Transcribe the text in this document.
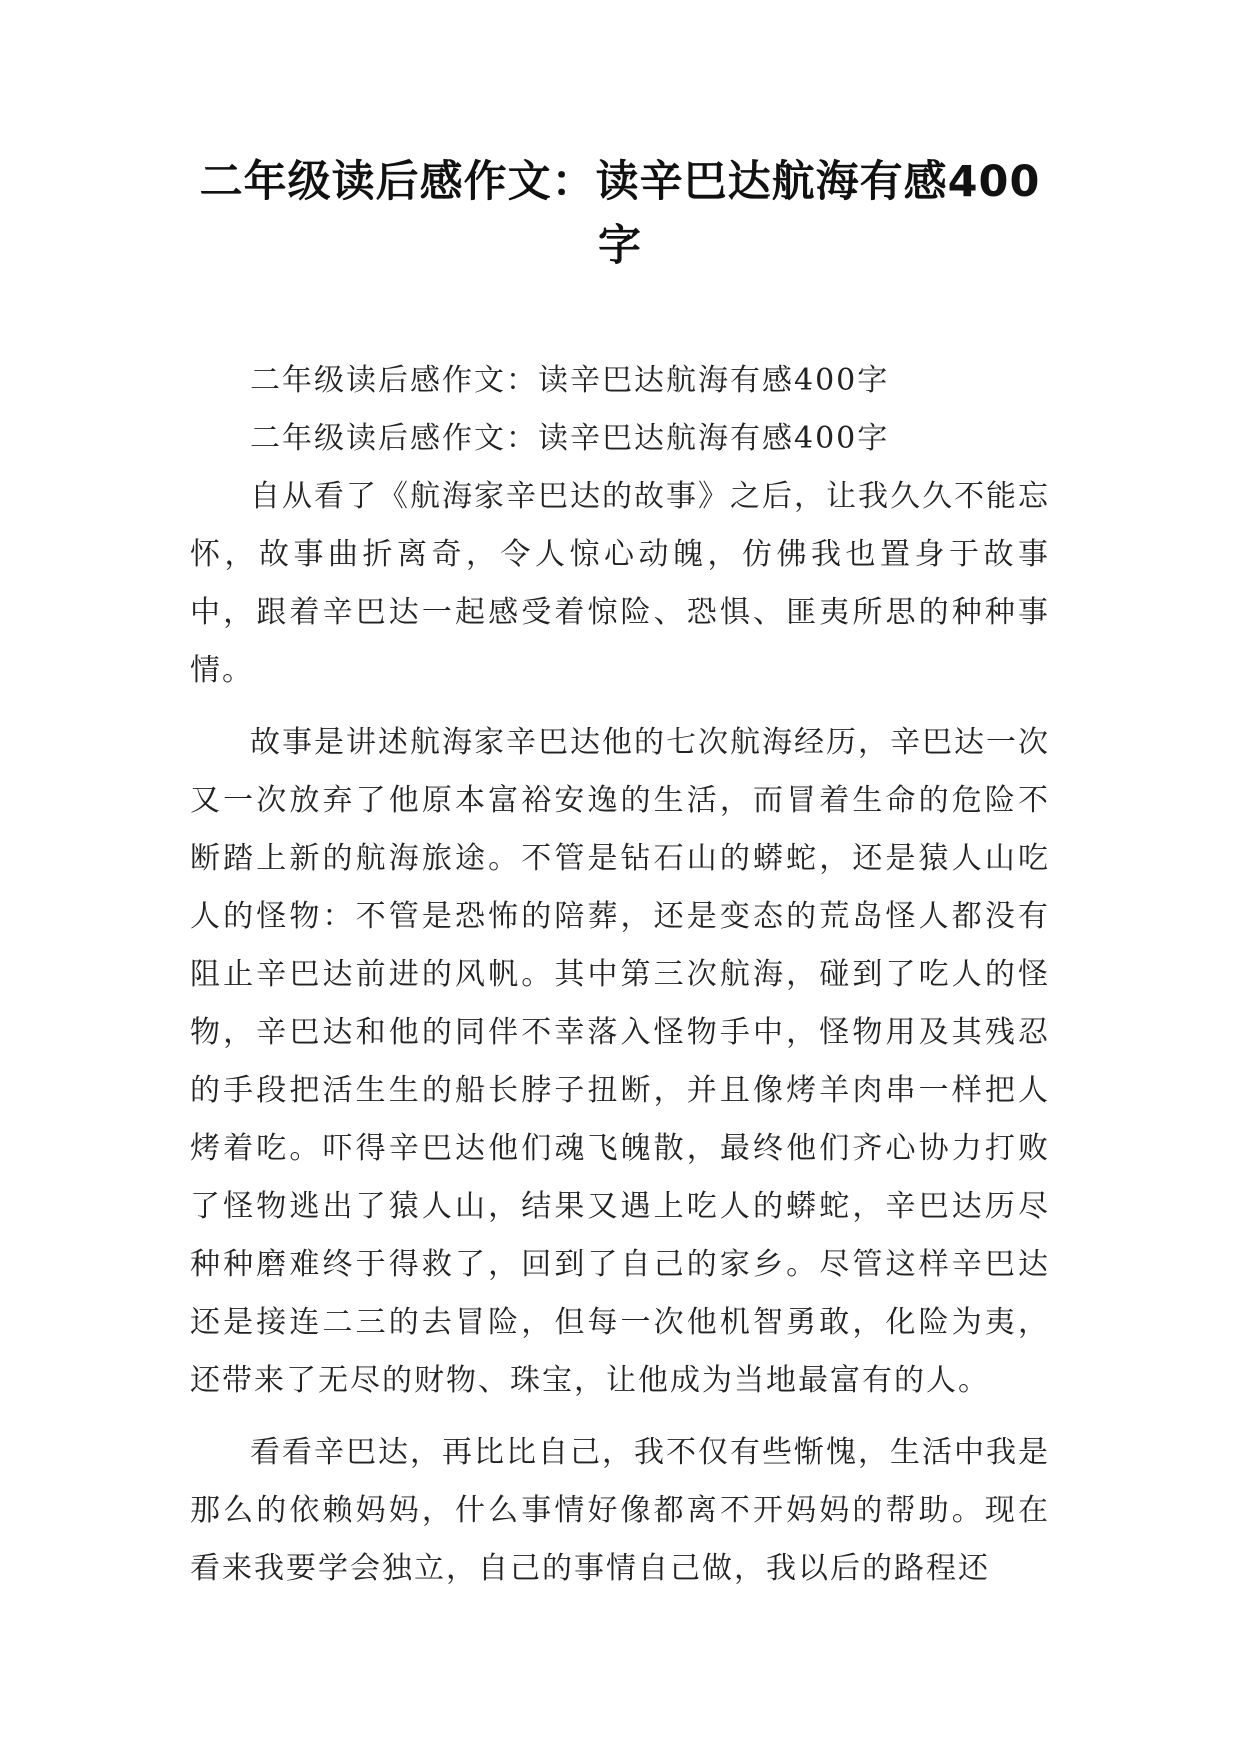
二年级读后感作文：读辛巴达航海有感400字

二年级读后感作文：读辛巴达航海有感400字

二年级读后感作文：读辛巴达航海有感400字

自从看了《航海家辛巴达的故事》之后，让我久久不能忘怀，故事曲折离奇，令人惊心动魄，仿佛我也置身于故事中，跟着辛巴达一起感受着惊险、恐惧、匪夷所思的种种事情。

故事是讲述航海家辛巴达他的七次航海经历，辛巴达一次又一次放弃了他原本富裕安逸的生活，而冒着生命的危险不断踏上新的航海旅途。不管是钻石山的蟒蛇，还是猿人山吃人的怪物：不管是恐怖的陪葬，还是变态的荒岛怪人都没有阻止辛巴达前进的风帆。其中第三次航海，碰到了吃人的怪物，辛巴达和他的同伴不幸落入怪物手中，怪物用及其残忍的手段把活生生的船长脖子扭断，并且像烤羊肉串一样把人烤着吃。吓得辛巴达他们魂飞魄散，最终他们齐心协力打败了怪物逃出了猿人山，结果又遇上吃人的蟒蛇，辛巴达历尽种种磨难终于得救了，回到了自己的家乡。尽管这样辛巴达还是接连二三的去冒险，但每一次他机智勇敢，化险为夷，还带来了无尽的财物、珠宝，让他成为当地最富有的人。

看看辛巴达，再比比自己，我不仅有些惭愧，生活中我是那么的依赖妈妈，什么事情好像都离不开妈妈的帮助。现在看来我要学会独立，自己的事情自己做，我以后的路程还
